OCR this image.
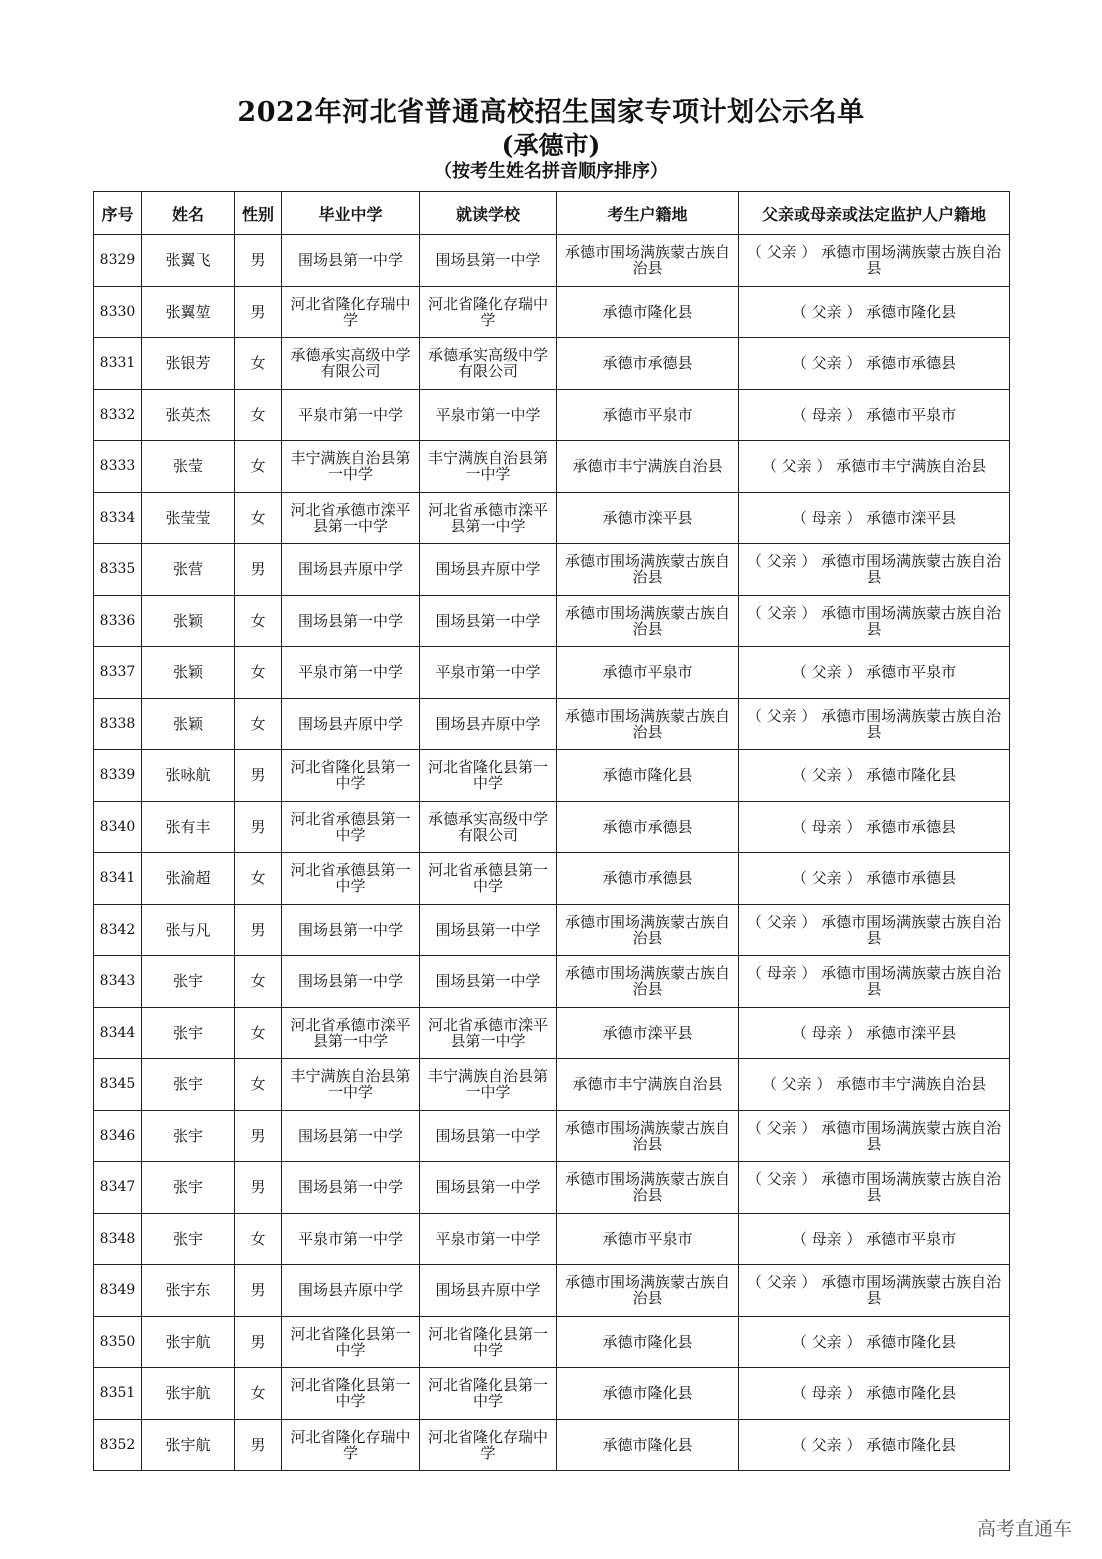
2022年河北省普通高校招生国家专项计划公示名单
(承德市)
（按考生姓名拼音顺序排序）
序号	姓名	性别	毕业中学	就读学校	考生户籍地	父亲或母亲或法定监护人户籍地
8329	张翼飞	男	围场县第一中学	围场县第一中学	承德市围场满族蒙古族自治县	（ 父亲 ） 承德市围场满族蒙古族自治县
8330	张翼堃	男	河北省隆化存瑞中学	河北省隆化存瑞中学	承德市隆化县	（ 父亲 ） 承德市隆化县
8331	张银芳	女	承德承实高级中学有限公司	承德承实高级中学有限公司	承德市承德县	（ 父亲 ） 承德市承德县
8332	张英杰	女	平泉市第一中学	平泉市第一中学	承德市平泉市	（ 母亲 ） 承德市平泉市
8333	张莹	女	丰宁满族自治县第一中学	丰宁满族自治县第一中学	承德市丰宁满族自治县	（ 父亲 ） 承德市丰宁满族自治县
8334	张莹莹	女	河北省承德市滦平县第一中学	河北省承德市滦平县第一中学	承德市滦平县	（ 母亲 ） 承德市滦平县
8335	张营	男	围场县卉原中学	围场县卉原中学	承德市围场满族蒙古族自治县	（ 父亲 ） 承德市围场满族蒙古族自治县
8336	张颖	女	围场县第一中学	围场县第一中学	承德市围场满族蒙古族自治县	（ 父亲 ） 承德市围场满族蒙古族自治县
8337	张颖	女	平泉市第一中学	平泉市第一中学	承德市平泉市	（ 父亲 ） 承德市平泉市
8338	张颖	女	围场县卉原中学	围场县卉原中学	承德市围场满族蒙古族自治县	（ 父亲 ） 承德市围场满族蒙古族自治县
8339	张咏航	男	河北省隆化县第一中学	河北省隆化县第一中学	承德市隆化县	（ 父亲 ） 承德市隆化县
8340	张有丰	男	河北省承德县第一中学	承德承实高级中学有限公司	承德市承德县	（ 母亲 ） 承德市承德县
8341	张渝超	女	河北省承德县第一中学	河北省承德县第一中学	承德市承德县	（ 父亲 ） 承德市承德县
8342	张与凡	男	围场县第一中学	围场县第一中学	承德市围场满族蒙古族自治县	（ 父亲 ） 承德市围场满族蒙古族自治县
8343	张宇	女	围场县第一中学	围场县第一中学	承德市围场满族蒙古族自治县	（ 母亲 ） 承德市围场满族蒙古族自治县
8344	张宇	女	河北省承德市滦平县第一中学	河北省承德市滦平县第一中学	承德市滦平县	（ 母亲 ） 承德市滦平县
8345	张宇	女	丰宁满族自治县第一中学	丰宁满族自治县第一中学	承德市丰宁满族自治县	（ 父亲 ） 承德市丰宁满族自治县
8346	张宇	男	围场县第一中学	围场县第一中学	承德市围场满族蒙古族自治县	（ 父亲 ） 承德市围场满族蒙古族自治县
8347	张宇	男	围场县第一中学	围场县第一中学	承德市围场满族蒙古族自治县	（ 父亲 ） 承德市围场满族蒙古族自治县
8348	张宇	女	平泉市第一中学	平泉市第一中学	承德市平泉市	（ 母亲 ） 承德市平泉市
8349	张宇东	男	围场县卉原中学	围场县卉原中学	承德市围场满族蒙古族自治县	（ 父亲 ） 承德市围场满族蒙古族自治县
8350	张宇航	男	河北省隆化县第一中学	河北省隆化县第一中学	承德市隆化县	（ 父亲 ） 承德市隆化县
8351	张宇航	女	河北省隆化县第一中学	河北省隆化县第一中学	承德市隆化县	（ 母亲 ） 承德市隆化县
8352	张宇航	男	河北省隆化存瑞中学	河北省隆化存瑞中学	承德市隆化县	（ 父亲 ） 承德市隆化县
高考直通车
